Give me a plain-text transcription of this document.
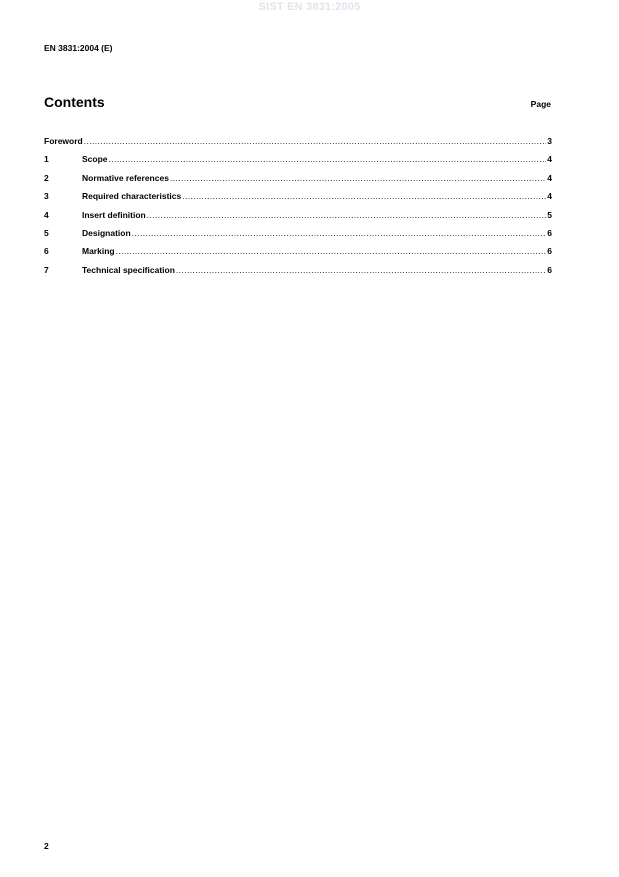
SIST EN 3831:2005
EN 3831:2004 (E)
Contents	Page
Foreword .....	3
1	Scope .....	4
2	Normative references .....	4
3	Required characteristics .....	4
4	Insert definition .....	5
5	Designation .....	6
6	Marking .....	6
7	Technical specification .....	6
2
